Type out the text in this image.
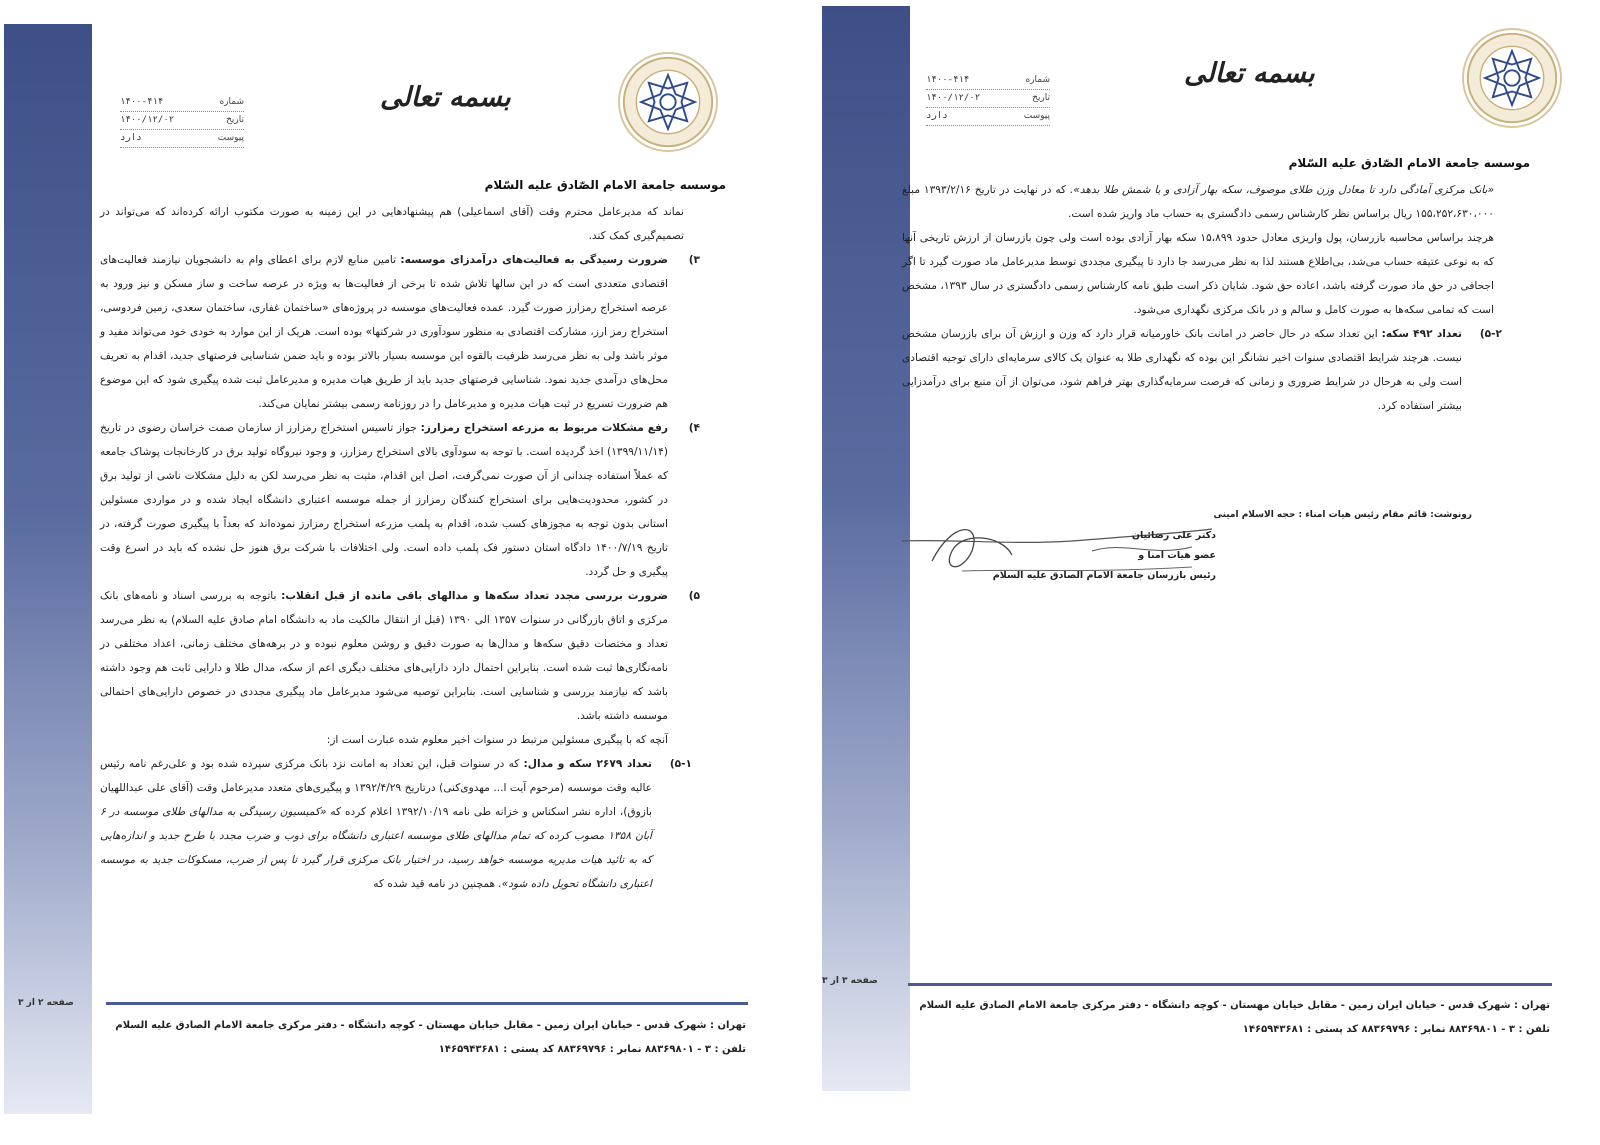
بسمه تعالی
شماره
۱۴۰۰-۴۱۴
تاریخ
۱۴۰۰/۱۲/۰۲
پیوست
دارد
موسسه جامعة الامام الصّادق علیه السّلام

نماند که مدیرعامل محترم وقت (آقای اسماعیلی) هم پیشنهادهایی در این زمینه به صورت مکتوب ارائه کرده‌اند که می‌تواند در تصمیم‌گیری کمک کند.

۳)
ضرورت رسیدگی به فعالیت‌های درآمدزای موسسه: تامین منابع لازم برای اعطای وام به دانشجویان نیازمند فعالیت‌های اقتصادی متعددی است که در این سالها تلاش شده تا برخی از فعالیت‌ها به ویژه در عرصه ساخت و ساز مسکن و نیز ورود به عرصه استخراج رمزارز صورت گیرد. عمده فعالیت‌های موسسه در پروژه‌های «ساختمان غفاری، ساختمان سعدی، زمین فردوسی، استخراج رمز ارز، مشارکت اقتصادی به منظور سودآوری در شرکتها» بوده است. هریک از این موارد به خودی خود می‌تواند مفید و موثر باشد ولی به نظر می‌رسد ظرفیت بالقوه این موسسه بسیار بالاتر بوده و باید ضمن شناسایی فرصتهای جدید، اقدام به تعریف محل‌های درآمدی جدید نمود. شناسایی فرصتهای جدید باید از طریق هیات مدیره و مدیرعامل ثبت شده پیگیری شود که این موضوع هم ضرورت تسریع در ثبت هیات مدیره و مدیرعامل را در روزنامه رسمی بیشتر نمایان می‌کند.

۴)
رفع مشکلات مربوط به مزرعه استخراج رمزارز: جواز تاسیس استخراج رمزارز از سازمان صمت خراسان رضوی در تاریخ (۱۳۹۹/۱۱/۱۴) اخذ گردیده است. با توجه به سودآوی بالای استخراج رمزارز، و وجود نیروگاه تولید برق در کارخانجات پوشاک جامعه که عملاً استفاده چندانی از آن صورت نمی‌گرفت، اصل این اقدام، مثبت به نظر می‌رسد لکن به دلیل مشکلات ناشی از تولید برق در کشور، محدودیت‌هایی برای استخراج کنندگان رمزارز از جمله موسسه اعتباری دانشگاه ایجاد شده و در مواردی مسئولین استانی بدون توجه به مجوزهای کسب شده، اقدام به پلمب مزرعه استخراج رمزارز نموده‌اند که بعداً با پیگیری صورت گرفته، در تاریخ ۱۴۰۰/۷/۱۹ دادگاه استان دستور فک پلمب داده است. ولی اختلافات با شرکت برق هنوز حل نشده که باید در اسرع وقت پیگیری و حل گردد.

۵)
ضرورت بررسی مجدد تعداد سکه‌ها و مدالهای باقی مانده از قبل انقلاب: باتوجه به بررسی اسناد و نامه‌های بانک مرکزی و اتاق بازرگانی در سنوات ۱۳۵۷ الی ۱۳۹۰ (قبل از انتقال مالکیت ماد به دانشگاه امام صادق علیه السلام) به نظر می‌رسد تعداد و مختصات دقیق سکه‌ها و مدال‌ها به صورت دقیق و روشن معلوم نبوده و در برهه‌های مختلف زمانی، اعداد مختلفی در نامه‌نگاری‌ها ثبت شده است. بنابراین احتمال دارد دارایی‌های مختلف دیگری اعم از سکه، مدال طلا و دارایی ثابت هم وجود داشته باشد که نیازمند بررسی و شناسایی است. بنابراین توصیه می‌شود مدیرعامل ماد پیگیری مجددی در خصوص دارایی‌های احتمالی موسسه داشته باشد.

آنچه که با پیگیری مسئولین مرتبط در سنوات اخیر معلوم شده عبارت است از:

۵-۱)
تعداد ۲۶۷۹ سکه و مدال: که در سنوات قبل، این تعداد به امانت نزد بانک مرکزی سپرده شده بود و علی‌رغم نامه رئیس عالیه وقت موسسه (مرحوم آیت ا... مهدوی‌کنی) درتاریخ ۱۳۹۲/۴/۲۹ و پیگیری‌های متعدد مدیرعامل وقت (آقای علی عبداللهیان بازوق)، اداره نشر اسکناس و خزانه طی نامه ۱۳۹۲/۱۰/۱۹ اعلام کرده که «کمیسیون رسیدگی به مدالهای طلای موسسه در ۶ آبان ۱۳۵۸ مصوب کرده که تمام مدالهای طلای موسسه اعتباری دانشگاه برای ذوب و ضرب مجدد با طرح جدید و اندازه‌هایی که به تائید هیات مدیریه موسسه خواهد رسید، در اختیار بانک مرکزی قرار گیرد تا پس از ضرب، مسکوکات جدید به موسسه اعتباری دانشگاه تحویل داده شود». همچنین در نامه قید شده که

صفحه ۲ از ۳
تهران : شهرک قدس - خیابان ایران زمین - مقابل خیابان مهستان - کوچه دانشگاه - دفتر مرکزی جامعة الامام الصادق علیه السلام
تلفن : ۳ - ۸۸۳۶۹۸۰۱ نمابر : ۸۸۳۶۹۷۹۶ کد پستی : ۱۴۶۵۹۴۳۶۸۱
بسمه تعالی
شماره
۱۴۰۰-۴۱۴
تاریخ
۱۴۰۰/۱۲/۰۲
پیوست
دارد
موسسه جامعة الامام الصّادق علیه السّلام

«بانک مرکزی آمادگی دارد تا معادل وزن طلای موصوف، سکه بهار آزادی و یا شمش طلا بدهد». که در نهایت در تاریخ ۱۳۹۳/۲/۱۶ مبلغ ۱۵۵،۲۵۲،۶۳۰،۰۰۰ ریال براساس نظر کارشناس رسمی دادگستری به حساب ماد واریز شده است.

هرچند براساس محاسبه بازرسان، پول واریزی معادل حدود ۱۵،۸۹۹ سکه بهار آزادی بوده است ولی چون بازرسان از ارزش تاریخی آنها که به نوعی عتیقه حساب می‌شد، بی‌اطلاع هستند لذا به نظر می‌رسد جا دارد تا پیگیری مجددی توسط مدیرعامل ماد صورت گیرد تا اگر اجحافی در حق ماد صورت گرفته باشد، اعاده حق شود. شایان ذکر است طبق نامه کارشناس رسمی دادگستری در سال ۱۳۹۳، مشخص است که تمامی سکه‌ها به صورت کامل و سالم و در بانک مرکزی نگهداری می‌شود.

۵-۲)
تعداد ۴۹۲ سکه: این تعداد سکه در حال حاضر در امانت بانک خاورمیانه قرار دارد که وزن و ارزش آن برای بازرسان مشخص نیست. هرچند شرایط اقتصادی سنوات اخیر نشانگر این بوده که نگهداری طلا به عنوان یک کالای سرمایه‌ای دارای توجیه اقتصادی است ولی به هرحال در شرایط ضروری و زمانی که فرصت سرمایه‌گذاری بهتر فراهم شود، می‌توان از آن منبع برای درآمدزایی بیشتر استفاده کرد.

رونوشت: قائم مقام رئیس هیات امناء : حجه الاسلام امینی
دکتر علی رضائیان
عضو هیات امنا و
رئیس بازرسان جامعة الامام الصادق علیه السلام
صفحه ۳ از ۳
تهران : شهرک قدس - خیابان ایران زمین - مقابل خیابان مهستان - کوچه دانشگاه - دفتر مرکزی جامعة الامام الصادق علیه السلام
تلفن : ۳ - ۸۸۳۶۹۸۰۱ نمابر : ۸۸۳۶۹۷۹۶ کد پستی : ۱۴۶۵۹۴۳۶۸۱
